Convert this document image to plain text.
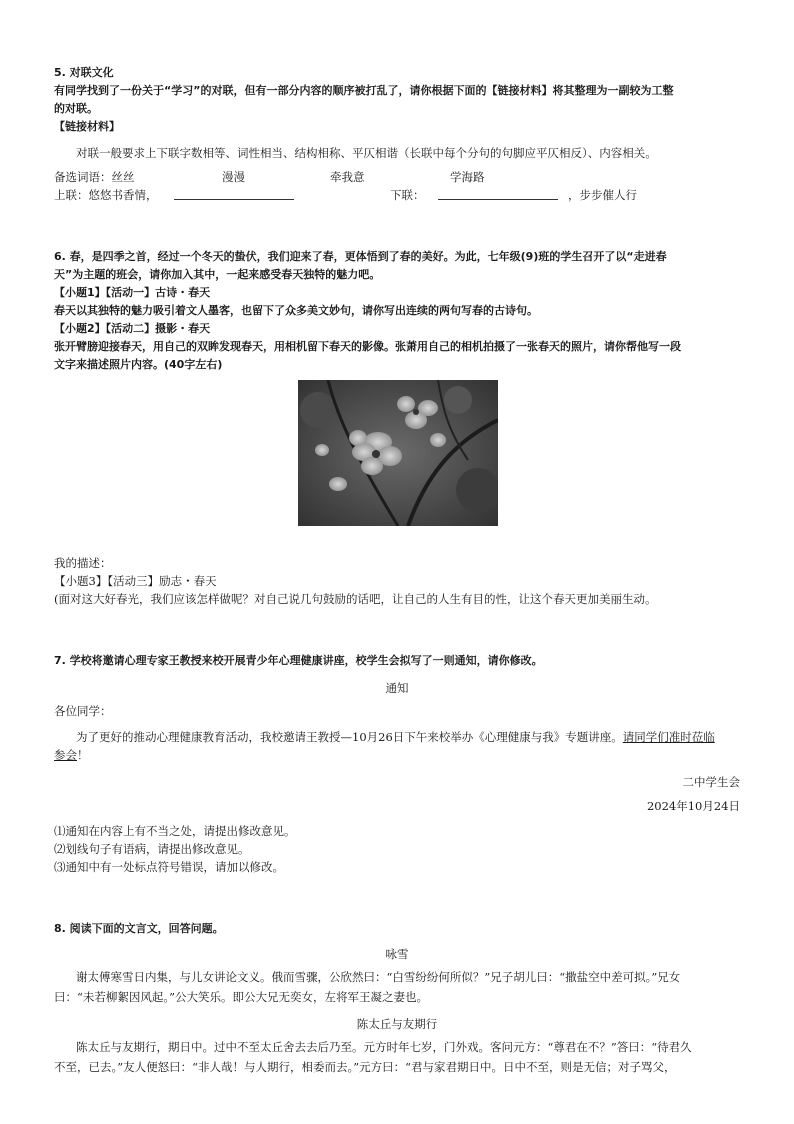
5. 对联文化
有同学找到了一份关于“学习”的对联，但有一部分内容的顺序被打乱了，请你根据下面的【链接材料】将其整理为一副较为工整
的对联。
【链接材料】
对联一般要求上下联字数相等、词性相当、结构相称、平仄相谐（长联中每个分句的句脚应平仄相反）、内容相关。
备选词语：丝丝	漫漫	牵我意	学海路
上联：悠悠书香情，	下联：	，步步催人行
6. 春，是四季之首，经过一个冬天的蛰伏，我们迎来了春，更体悟到了春的美好。为此，七年级(9)班的学生召开了以“走进春
天”为主题的班会，请你加入其中，一起来感受春天独特的魅力吧。
【小题1】【活动一】古诗・春天
春天以其独特的魅力吸引着文人墨客，也留下了众多美文妙句，请你写出连续的两句写春的古诗句。
【小题2】【活动二】摄影・春天
张开臂膀迎接春天，用自己的双眸发现春天，用相机留下春天的影像。张萧用自己的相机拍摄了一张春天的照片，请你帮他写一段
文字来描述照片内容。(40字左右)
我的描述：
【小题3】【活动三】励志・春天
(面对这大好春光，我们应该怎样做呢？对自己说几句鼓励的话吧，让自己的人生有目的性，让这个春天更加美丽生动。
7. 学校将邀请心理专家王教授来校开展青少年心理健康讲座，校学生会拟写了一则通知，请你修改。
通知
各位同学：
为了更好的推动心理健康教育活动，我校邀请王教授—10月26日下午来校举办《心理健康与我》专题讲座。请同学们准时莅临
参会！
二中学生会
2024年10月24日
⑴通知在内容上有不当之处，请提出修改意见。
⑵划线句子有语病，请提出修改意见。
⑶通知中有一处标点符号错误，请加以修改。
8. 阅读下面的文言文，回答问题。
咏雪
谢太傅寒雪日内集，与儿女讲论文义。俄而雪骤，公欣然曰：“白雪纷纷何所似？”兄子胡儿曰：“撒盐空中差可拟。”兄女
曰：“未若柳絮因风起。”公大笑乐。即公大兄无奕女，左将军王凝之妻也。
陈太丘与友期行
陈太丘与友期行，期日中。过中不至太丘舍去去后乃至。元方时年七岁，门外戏。客问元方：“尊君在不？”答曰：“待君久
不至，已去。”友人便怒曰：“非人哉！与人期行，相委而去。”元方曰：“君与家君期日中。日中不至，则是无信；对子骂父，
